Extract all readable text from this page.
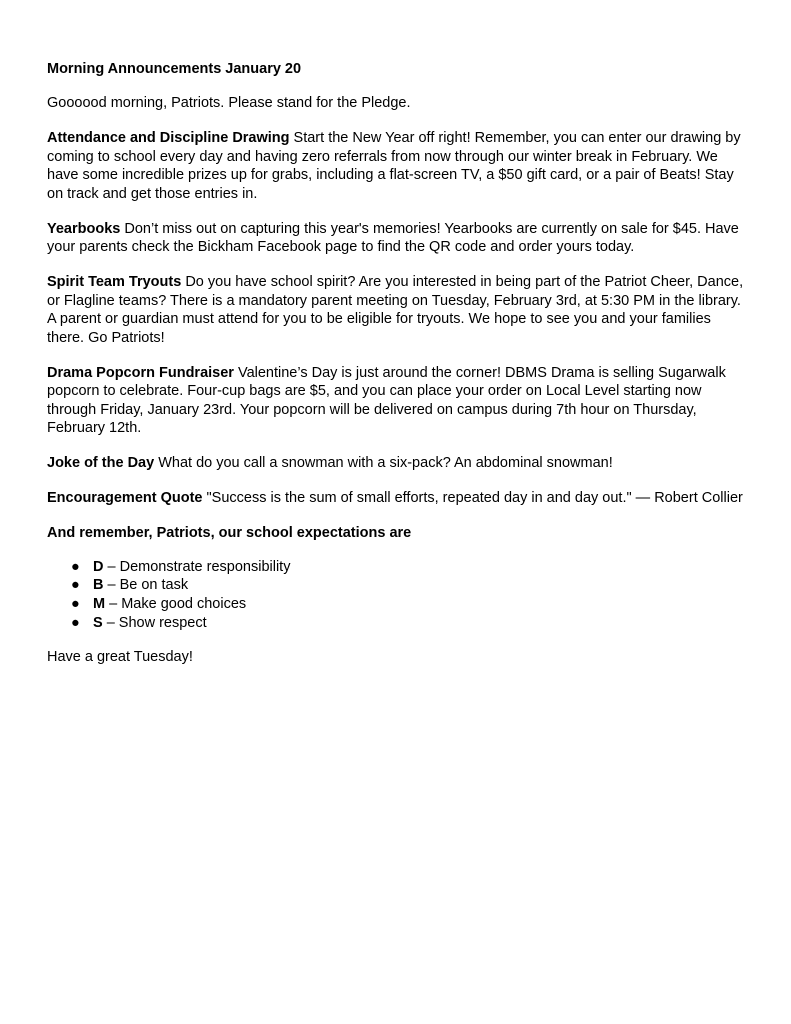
Morning Announcements January 20

Goooood morning, Patriots. Please stand for the Pledge.

Attendance and Discipline Drawing Start the New Year off right! Remember, you can enter our drawing by coming to school every day and having zero referrals from now through our winter break in February. We have some incredible prizes up for grabs, including a flat-screen TV, a $50 gift card, or a pair of Beats! Stay on track and get those entries in.

Yearbooks Don’t miss out on capturing this year's memories! Yearbooks are currently on sale for $45. Have your parents check the Bickham Facebook page to find the QR code and order yours today.

Spirit Team Tryouts Do you have school spirit? Are you interested in being part of the Patriot Cheer, Dance, or Flagline teams? There is a mandatory parent meeting on Tuesday, February 3rd, at 5:30 PM in the library. A parent or guardian must attend for you to be eligible for tryouts. We hope to see you and your families there. Go Patriots!

Drama Popcorn Fundraiser Valentine’s Day is just around the corner! DBMS Drama is selling Sugarwalk popcorn to celebrate. Four-cup bags are $5, and you can place your order on Local Level starting now through Friday, January 23rd. Your popcorn will be delivered on campus during 7th hour on Thursday, February 12th.

Joke of the Day What do you call a snowman with a six-pack? An abdominal snowman!

Encouragement Quote "Success is the sum of small efforts, repeated day in and day out." — Robert Collier

And remember, Patriots, our school expectations are

● D – Demonstrate responsibility
● B – Be on task
● M – Make good choices
● S – Show respect

Have a great Tuesday!
